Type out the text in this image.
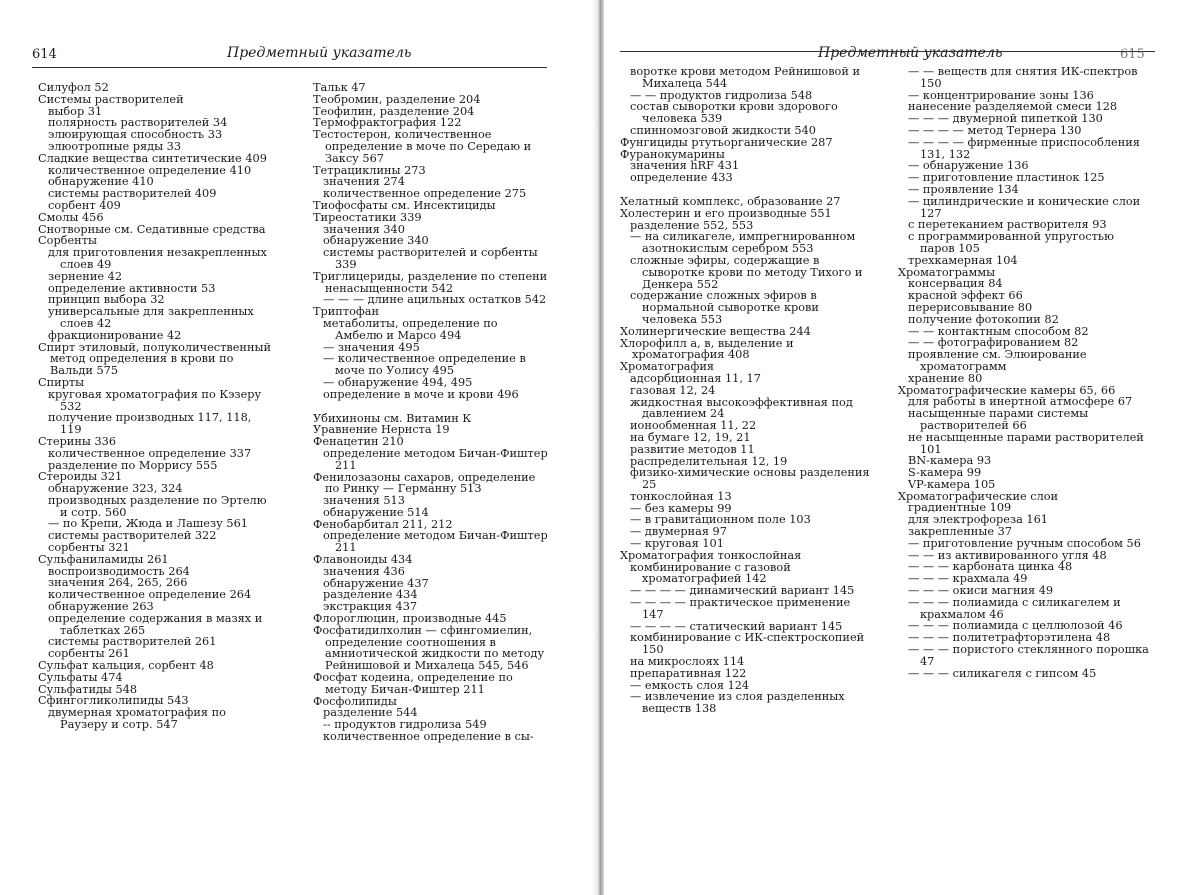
614	Предметный указатель
Силуфол 52
Системы растворителей
выбор 31
полярность растворителей 34
элюирующая способность 33
элюотропные ряды 33
Сладкие вещества синтетические 409
количественное определение 410
обнаружение 410
системы растворителей 409
сорбент 409
Смолы 456
Снотворные см. Седативные средства
Сорбенты
для приготовления незакрепленных слоев 49
зернение 42
определение активности 53
принцип выбора 32
универсальные для закрепленных слоев 42
фракционирование 42
Спирт этиловый, полуколичественный метод определения в крови по Вальди 575
Спирты
круговая хроматография по Кэзеру 532
получение производных 117, 118, 119
Стерины 336
количественное определение 337
разделение по Моррису 555
Стероиды 321
обнаружение 323, 324
производных разделение по Эртелю и сотр. 560
— по Крепи, Жюда и Лашезу 561
системы растворителей 322
сорбенты 321
Сульфаниламиды 261
воспроизводимость 264
значения 264, 265, 266
количественное определение 264
обнаружение 263
определение содержания в мазях и таблетках 265
системы растворителей 261
сорбенты 261
Сульфат кальция, сорбент 48
Сульфаты 474
Сульфатиды 548
Сфингогликолипиды 543
двумерная хроматография по Раузеру и сотр. 547
Тальк 47
Теобромин, разделение 204
Теофилин, разделение 204
Термофрактография 122
Тестостерон, количественное определение в моче по Середаю и Заксу 567
Тетрациклины 273
значения 274
количественное определение 275
Тиофосфаты см. Инсектициды
Тиреостатики 339
значения 340
обнаружение 340
системы растворителей и сорбенты 339
Триглицериды, разделение по степени ненасыщенности 542
— — — длине ацильных остатков 542
Триптофан
метаболиты, определение по Амбелю и Марсо 494
— значения 495
— количественное определение в моче по Уолису 495
— обнаружение 494, 495
определение в моче и крови 496
Убихиноны см. Витамин К
Уравнение Нернста 19
Фенацетин 210
определение методом Бичан-Фиштер 211
Фенилозазоны сахаров, определение по Ринку — Германну 513
значения 513
обнаружение 514
Фенобарбитал 211, 212
определение методом Бичан-Фиштер 211
Флавоноиды 434
значения 436
обнаружение 437
разделение 434
экстракция 437
Флороглюцин, производные 445
Фосфатидилхолин — сфингомиелин, определение соотношения в амниотической жидкости по методу Рейнишовой и Михалеца 545, 546
Фосфат кодеина, определение по методу Бичан-Фиштер 211
Фосфолипиды
разделение 544
-- продуктов гидролиза 549
количественное определение в сы-
Предметный указатель	615
воротке крови методом Рейнишовой и Михалеца 544
— — продуктов гидролиза 548
состав сыворотки крови здорового человека 539
спинномозговой жидкости 540
Фунгициды ртутьорганические 287
Фуранокумарины
значения hRF 431
определение 433
Хелатный комплекс, образование 27
Холестерин и его производные 551
разделение 552, 553
— на силикагеле, импрегнированном азотнокислым серебром 553
сложные эфиры, содержащие в сыворотке крови по методу Тихого и Денкера 552
содержание сложных эфиров в нормальной сыворотке крови человека 553
Холинергические вещества 244
Хлорофилл a, в, выделение и хроматография 408
Хроматография
адсорбционная 11, 17
газовая 12, 24
жидкостная высокоэффективная под давлением 24
ионообменная 11, 22
на бумаге 12, 19, 21
развитие методов 11
распределительная 12, 19
физико-химические основы разделения 25
тонкослойная 13
— без камеры 99
— в гравитационном поле 103
— двумерная 97
— круговая 101
Хроматография тонкослойная
комбинирование с газовой хроматографией 142
— — — — динамический вариант 145
— — — — практическое применение 147
— — — — статический вариант 145
комбинирование с ИК-спектроскопией 150
на микрослоях 114
препаративная 122
— емкость слоя 124
— извлечение из слоя разделенных веществ 138
— — веществ для снятия ИК-спектров 150
— концентрирование зоны 136
нанесение разделяемой смеси 128
— — — двумерной пипеткой 130
— — — — метод Тернера 130
— — — — фирменные приспособления 131, 132
— обнаружение 136
— приготовление пластинок 125
— проявление 134
— цилиндрические и конические слои 127
с перетеканием растворителя 93
с программированной упругостью паров 105
трехкамерная 104
Хроматограммы
консервация 84
красной эффект 66
перерисовывание 80
получение фотокопии 82
— — контактным способом 82
— — фотографированием 82
проявление см. Элюирование хроматограмм
хранение 80
Хроматографические камеры 65, 66
для работы в инертной атмосфере 67
насыщенные парами системы растворителей 66
не насыщенные парами растворителей 101
BN-камера 93
S-камера 99
VP-камера 105
Хроматографические слои
градиентные 109
для электрофореза 161
закрепленные 37
— приготовление ручным способом 56
— — из активированного угля 48
— — — карбоната цинка 48
— — — крахмала 49
— — — окиси магния 49
— — — полиамида с силикагелем и крахмалом 46
— — — полиамида с целлюлозой 46
— — — политетрафторэтилена 48
— — — пористого стеклянного порошка 47
— — — силикагеля с гипсом 45
